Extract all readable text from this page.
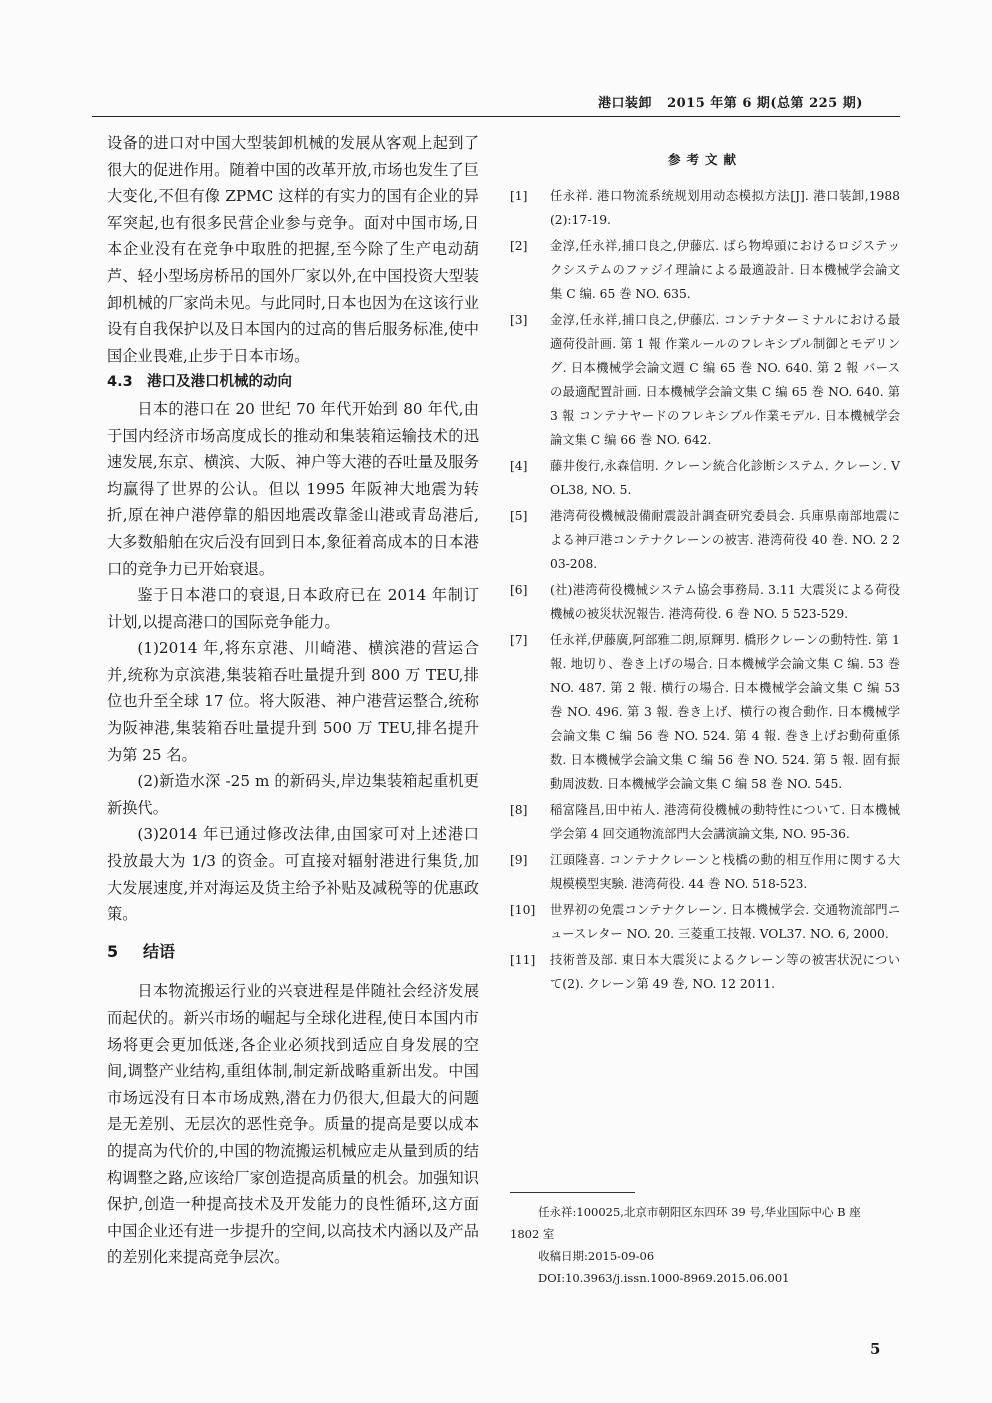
港口装卸 2015 年第 6 期(总第 225 期)

设备的进口对中国大型装卸机械的发展从客观上起到了很大的促进作用。随着中国的改革开放,市场也发生了巨大变化,不但有像 ZPMC 这样的有实力的国有企业的异军突起,也有很多民营企业参与竞争。面对中国市场,日本企业没有在竞争中取胜的把握,至今除了生产电动葫芦、轻小型场房桥吊的国外厂家以外,在中国投资大型装卸机械的厂家尚未见。与此同时,日本也因为在这该行业设有自我保护以及日本国内的过高的售后服务标准,使中国企业畏难,止步于日本市场。

4.3 港口及港口机械的动向

日本的港口在 20 世纪 70 年代开始到 80 年代,由于国内经济市场高度成长的推动和集装箱运输技术的迅速发展,东京、横滨、大阪、神户等大港的吞吐量及服务均赢得了世界的公认。但以 1995 年阪神大地震为转折,原在神户港停靠的船因地震改靠釜山港或青岛港后,大多数船舶在灾后没有回到日本,象征着高成本的日本港口的竞争力已开始衰退。

鉴于日本港口的衰退,日本政府已在 2014 年制订计划,以提高港口的国际竞争能力。

(1)2014 年,将东京港、川崎港、横滨港的营运合并,统称为京滨港,集装箱吞吐量提升到 800 万 TEU,排位也升至全球 17 位。将大阪港、神户港营运整合,统称为阪神港,集装箱吞吐量提升到 500 万 TEU,排名提升为第 25 名。

(2)新造水深 -25 m 的新码头,岸边集装箱起重机更新换代。

(3)2014 年已通过修改法律,由国家可对上述港口投放最大为 1/3 的资金。可直接对辐射港进行集货,加大发展速度,并对海运及货主给予补贴及减税等的优惠政策。

5 结语

日本物流搬运行业的兴衰进程是伴随社会经济发展而起伏的。新兴市场的崛起与全球化进程,使日本国内市场将更会更加低迷,各企业必须找到适应自身发展的空间,调整产业结构,重组体制,制定新战略重新出发。中国市场远没有日本市场成熟,潜在力仍很大,但最大的问题是无差别、无层次的恶性竞争。质量的提高是要以成本的提高为代价的,中国的物流搬运机械应走从量到质的结构调整之路,应该给厂家创造提高质量的机会。加强知识保护,创造一种提高技术及开发能力的良性循环,这方面中国企业还有进一步提升的空间,以高技术内涵以及产品的差别化来提高竞争层次。

参考文献

[1]	任永祥. 港口物流系统规划用动态模拟方法[J]. 港口装卸,1988(2):17-19.
[2]	金淳,任永祥,捕口良之,伊藤広. ばら物埠頭におけるロジステックシステムのファジイ理論による最適設計. 日本機械学会論文集 C 编. 65 巻 NO. 635.
[3]	金淳,任永祥,捕口良之,伊藤広. コンテナターミナルにおける最適荷役計画. 第 1 報 作業ルールのフレキシブル制御とモデリング. 日本機械学会論文週 C 编 65 巻 NO. 640. 第 2 報 バースの最適配置計画. 日本機械学会論文集 C 编 65 巻 NO. 640. 第 3 報 コンテナヤードのフレキシブル作業モデル. 日本機械学会論文集 C 编 66 巻 NO. 642.
[4]	藤井俊行,永森信明. クレーン統合化診断システム. クレーン. VOL38, NO. 5.
[5]	港湾荷役機械設備耐震設計調查研究委員会. 兵庫県南部地震による神戸港コンテナクレーンの被害. 港湾荷役 40 巻. NO. 2 203-208.
[6]	(社)港湾荷役機械システム協会事務局. 3.11 大震災による荷役機械の被災状況報告. 港湾荷役. 6 巻 NO. 5 523-529.
[7]	任永祥,伊藤廣,阿部雅二朗,原輝男. 橋形クレーンの動特性. 第 1 報. 地切り、巻き上げの場合. 日本機械学会論文集 C 编. 53 巻 NO. 487. 第 2 報. 横行の場合. 日本機械学会論文集 C 编 53 巻 NO. 496. 第 3 報. 巻き上げ、横行の複合動作. 日本機械学会論文集 C 编 56 巻 NO. 524. 第 4 報. 巻き上げお動荷重係数. 日本機械学会論文集 C 编 56 巻 NO. 524. 第 5 報. 固有振動周波数. 日本機械学会論文集 C 编 58 巻 NO. 545.
[8]	稲富隆昌,田中祐人. 港湾荷役機械の動特性について. 日本機械学会第 4 回交通物流部門大会講演論文集, NO. 95-36.
[9]	江頭隆喜. コンテナクレーンと栈橋の動的相互作用に関する大規模模型実験. 港湾荷役. 44 巻 NO. 518-523.
[10]	世界初の免震コンテナクレーン. 日本機械学会. 交通物流部門ニュースレター NO. 20. 三菱重工技報. VOL37. NO. 6, 2000.
[11]	技術普及部. 東日本大震災によるクレーン等の被害状況について(2). クレーン第 49 巻, NO. 12 2011.

任永祥:100025,北京市朝阳区东四环 39 号,华业国际中心 B 座 1802 室

收稿日期:2015-09-06

DOI:10.3963/j.issn.1000-8969.2015.06.001

5
